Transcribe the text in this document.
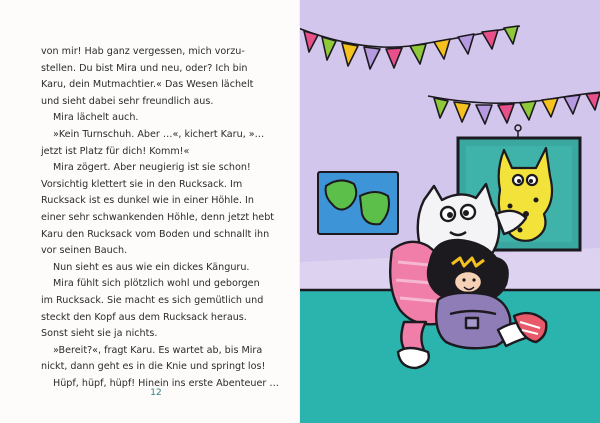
von mir! Hab ganz vergessen, mich vorzu-
stellen. Du bist Mira und neu, oder? Ich bin
Karu, dein Mutmachtier.« Das Wesen lächelt
und sieht dabei sehr freundlich aus.
Mira lächelt auch.
»Kein Turnschuh. Aber …«, kichert Karu, »…
jetzt ist Platz für dich! Komm!«
Mira zögert. Aber neugierig ist sie schon!
Vorsichtig klettert sie in den Rucksack. Im
Rucksack ist es dunkel wie in einer Höhle. In
einer sehr schwankenden Höhle, denn jetzt hebt
Karu den Rucksack vom Boden und schnallt ihn
vor seinen Bauch.
Nun sieht es aus wie ein dickes Känguru.
Mira fühlt sich plötzlich wohl und geborgen
im Rucksack. Sie macht es sich gemütlich und
steckt den Kopf aus dem Rucksack heraus.
Sonst sieht sie ja nichts.
»Bereit?«, fragt Karu. Es wartet ab, bis Mira
nickt, dann geht es in die Knie und springt los!
Hüpf, hüpf, hüpf! Hinein ins erste Abenteuer …
12
